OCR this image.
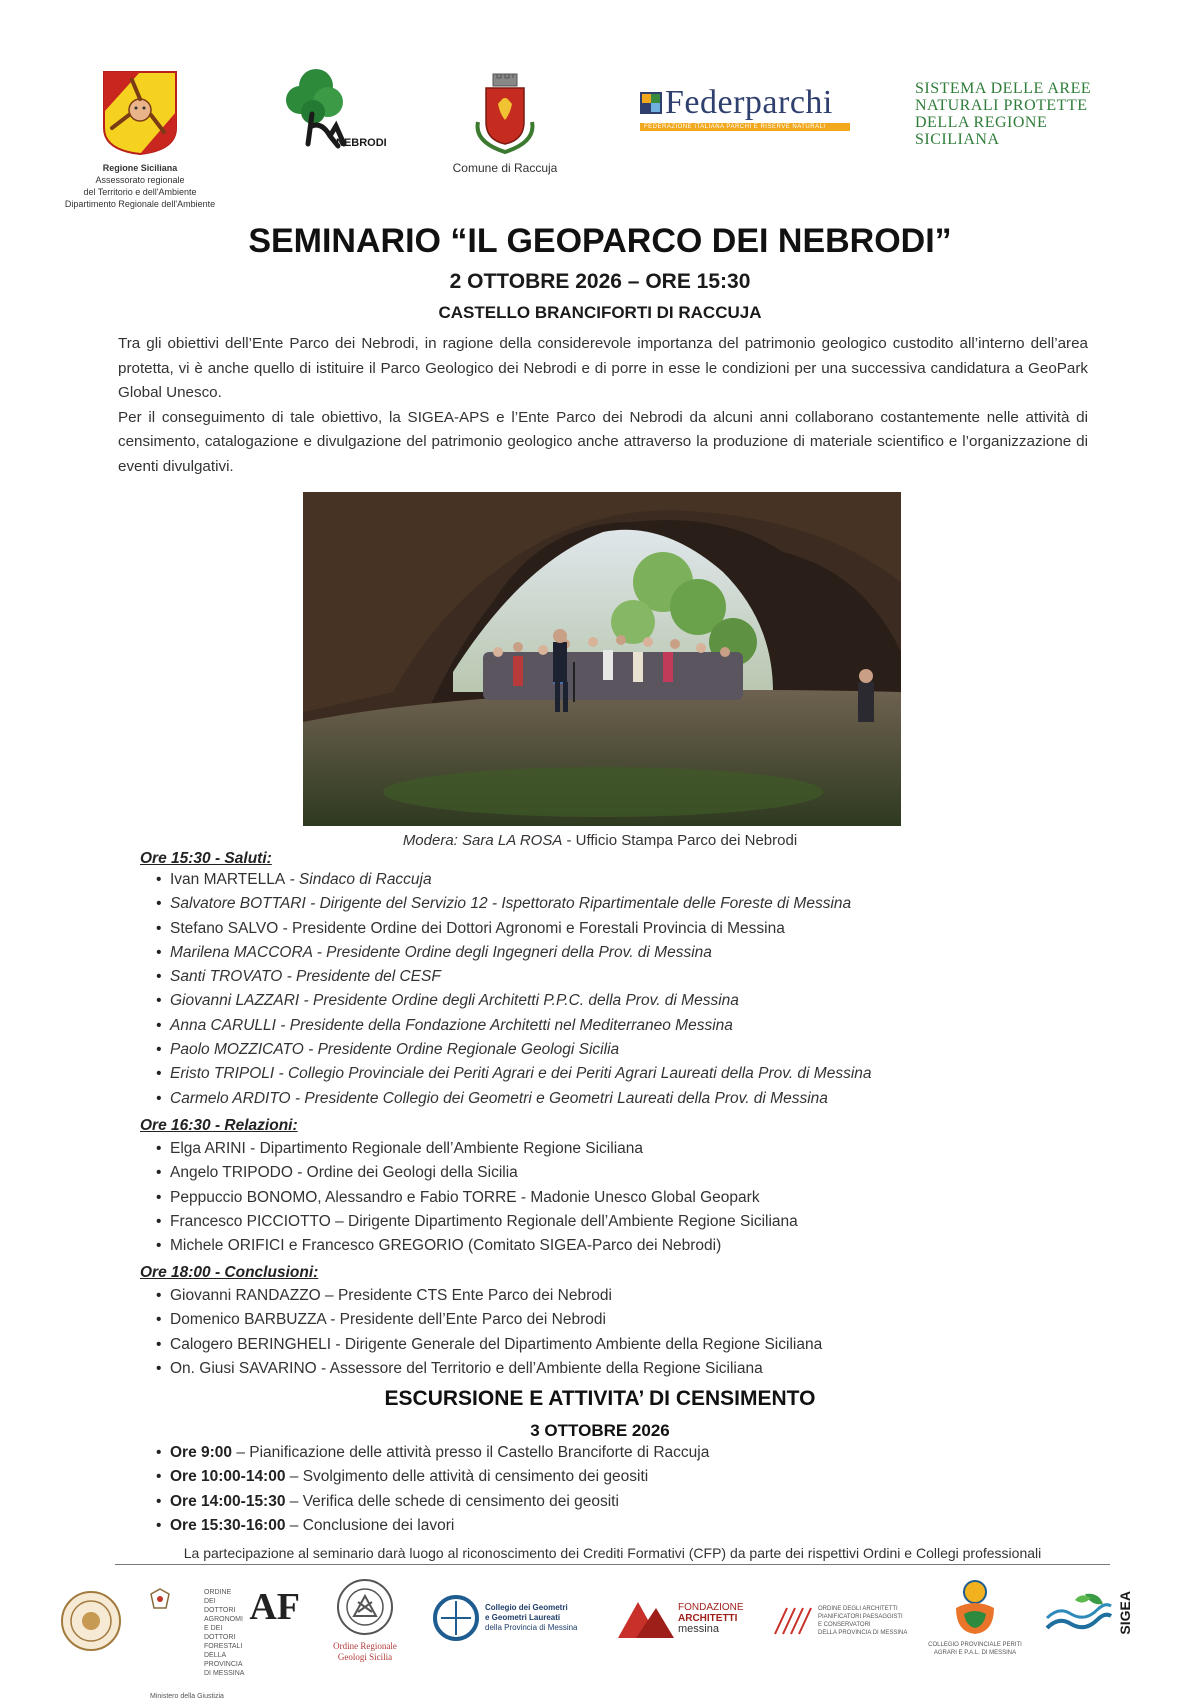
Regione Siciliana
Assessorato regionale
del Territorio e dell'Ambiente
Dipartimento Regionale dell'Ambiente
NEBRODI
Comune di Raccuja
Federparchi
FEDERAZIONE ITALIANA PARCHI E RISERVE NATURALI
SISTEMA DELLE AREE
NATURALI PROTETTE
DELLA REGIONE SICILIANA
SEMINARIO “IL GEOPARCO DEI NEBRODI”
2 OTTOBRE 2026 – ORE 15:30
CASTELLO BRANCIFORTI DI RACCUJA

Tra gli obiettivi dell’Ente Parco dei Nebrodi, in ragione della considerevole importanza del patrimonio geologico custodito all’interno dell’area protetta, vi è anche quello di istituire il Parco Geologico dei Nebrodi e di porre in esse le condizioni per una successiva candidatura a GeoPark Global Unesco.

Per il conseguimento di tale obiettivo, la SIGEA-APS e l’Ente Parco dei Nebrodi da alcuni anni collaborano costantemente nelle attività di censimento, catalogazione e divulgazione del patrimonio geologico anche attraverso la produzione di materiale scientifico e l’organizzazione di eventi divulgativi.

Modera: Sara LA ROSA - Ufficio Stampa Parco dei Nebrodi
Ore 15:30 - Saluti:
• Ivan MARTELLA - Sindaco di Raccuja
• Salvatore BOTTARI - Dirigente del Servizio 12 - Ispettorato Ripartimentale delle Foreste di Messina
• Stefano SALVO - Presidente Ordine dei Dottori Agronomi e Forestali Provincia di Messina
• Marilena MACCORA - Presidente Ordine degli Ingegneri della Prov. di Messina
• Santi TROVATO - Presidente del CESF
• Giovanni LAZZARI - Presidente Ordine degli Architetti P.P.C. della Prov. di Messina
• Anna CARULLI - Presidente della Fondazione Architetti nel Mediterraneo Messina
• Paolo MOZZICATO - Presidente Ordine Regionale Geologi Sicilia
• Eristo TRIPOLI - Collegio Provinciale dei Periti Agrari e dei Periti Agrari Laureati della Prov. di Messina
• Carmelo ARDITO - Presidente Collegio dei Geometri e Geometri Laureati della Prov. di Messina
Ore 16:30 - Relazioni:
• Elga ARINI - Dipartimento Regionale dell’Ambiente Regione Siciliana
• Angelo TRIPODO - Ordine dei Geologi della Sicilia
• Peppuccio BONOMO, Alessandro e Fabio TORRE - Madonie Unesco Global Geopark
• Francesco PICCIOTTO – Dirigente Dipartimento Regionale dell’Ambiente Regione Siciliana
• Michele ORIFICI e Francesco GREGORIO (Comitato SIGEA-Parco dei Nebrodi)
Ore 18:00 - Conclusioni:
• Giovanni RANDAZZO – Presidente CTS Ente Parco dei Nebrodi
• Domenico BARBUZZA - Presidente dell’Ente Parco dei Nebrodi
• Calogero BERINGHELI - Dirigente Generale del Dipartimento Ambiente della Regione Siciliana
• On. Giusi SAVARINO - Assessore del Territorio e dell’Ambiente della Regione Siciliana
ESCURSIONE E ATTIVITA’ DI CENSIMENTO
3 OTTOBRE 2026
• Ore 9:00 – Pianificazione delle attività presso il Castello Branciforte di Raccuja
• Ore 10:00-14:00 – Svolgimento delle attività di censimento dei geositi
• Ore 14:00-15:30 – Verifica delle schede di censimento dei geositi
• Ore 15:30-16:00 – Conclusione dei lavori
La partecipazione al seminario darà luogo al riconoscimento dei Crediti Formativi (CFP) da parte dei rispettivi Ordini e Collegi professionali
ORDINE
DEI DOTTORI AGRONOMI
E DEI DOTTORI FORESTALI
DELLA PROVINCIA DI MESSINA
AF
Ministero della Giustizia
Ordine Regionale
Geologi Sicilia
Collegio dei Geometri
e Geometri Laureati
della Provincia di Messina
FONDAZIONE
ARCHITETTI
messina
ORDINE DEGLI ARCHITETTI
PIANIFICATORI PAESAGGISTI
E CONSERVATORI
DELLA PROVINCIA DI MESSINA
COLLEGIO PROVINCIALE PERITI
AGRARI E P.A.L. DI MESSINA
SIGEA
